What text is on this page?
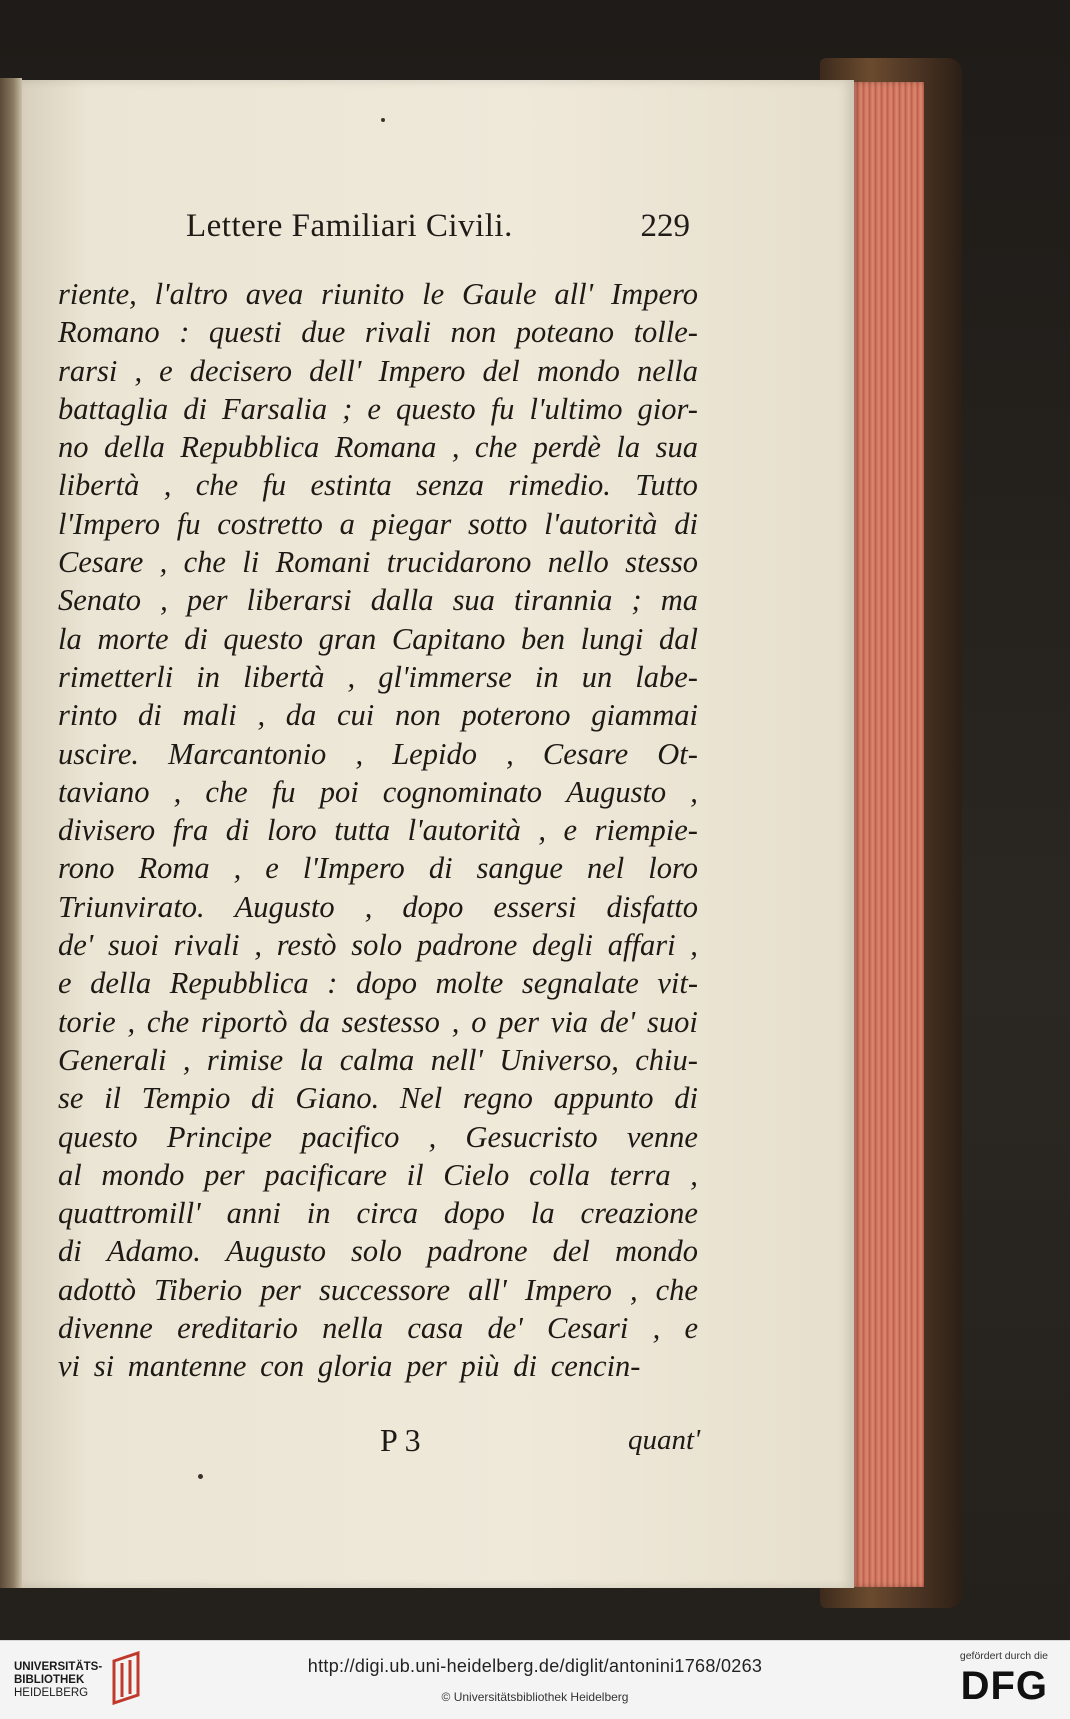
Lettere Familiari Civili.	229
riente, l'altro avea riunito le Gaule all' Impero
Romano : questi due rivali non poteano tolle-
rarsi , e decisero dell' Impero del mondo nella
battaglia di Farsalia ; e questo fu l'ultimo gior-
no della Repubblica Romana , che perdè la sua
libertà , che fu estinta senza rimedio. Tutto
l'Impero fu costretto a piegar sotto l'autorità di
Cesare , che li Romani trucidarono nello stesso
Senato , per liberarsi dalla sua tirannia ; ma
la morte di questo gran Capitano ben lungi dal
rimetterli in libertà , gl'immerse in un labe-
rinto di mali , da cui non poterono giammai
uscire. Marcantonio , Lepido , Cesare Ot-
taviano , che fu poi cognominato Augusto ,
divisero fra di loro tutta l'autorità , e riempie-
rono Roma , e l'Impero di sangue nel loro
Triunvirato. Augusto , dopo essersi disfatto
de' suoi rivali , restò solo padrone degli affari ,
e della Repubblica : dopo molte segnalate vit-
torie , che riportò da sestesso , o per via de' suoi
Generali , rimise la calma nell' Universo, chiu-
se il Tempio di Giano. Nel regno appunto di
questo Principe pacifico , Gesucristo venne
al mondo per pacificare il Cielo colla terra ,
quattromill' anni in circa dopo la creazione
di Adamo. Augusto solo padrone del mondo
adottò Tiberio per successore all' Impero , che
divenne ereditario nella casa de' Cesari , e
vi si mantenne con gloria per più di cencin-
P 3	quant'
UNIVERSITÄTS-
BIBLIOTHEK
HEIDELBERG
http://digi.ub.uni-heidelberg.de/diglit/antonini1768/0263
© Universitätsbibliothek Heidelberg
gefördert durch die
DFG
